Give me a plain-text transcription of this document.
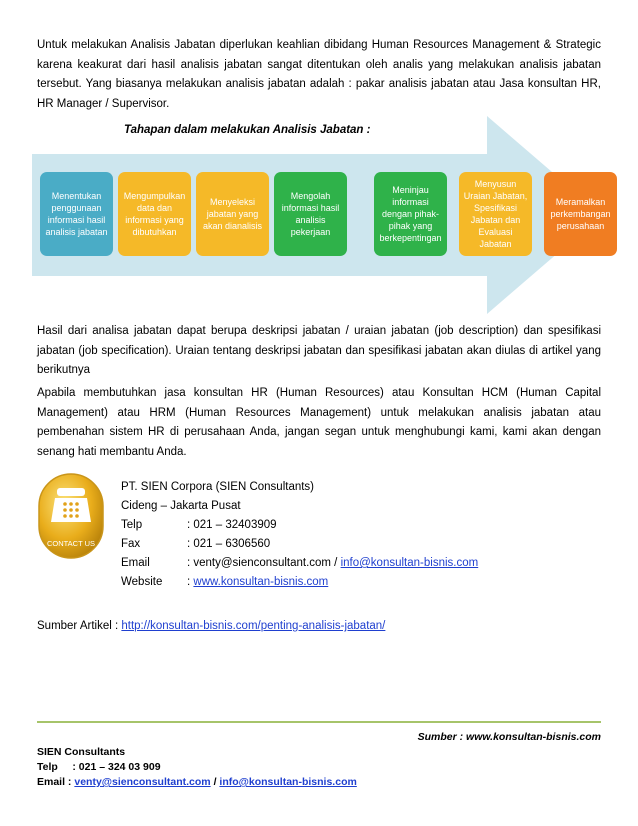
Untuk melakukan Analisis Jabatan diperlukan keahlian dibidang Human Resources Management & Strategic karena keakurat dari hasil analisis jabatan sangat ditentukan oleh analis yang melakukan analisis jabatan tersebut. Yang biasanya melakukan analisis jabatan adalah : pakar analisis jabatan atau Jasa konsultan HR, HR Manager / Supervisor.

Tahapan dalam melakukan Analisis Jabatan :
Menentukan penggunaan informasi hasil analisis jabatan
Mengumpulkan data dan informasi yang dibutuhkan
Menyeleksi jabatan yang akan dianalisis
Mengolah informasi hasil analisis pekerjaan
Meninjau informasi dengan pihak-pihak yang berkepentingan
Menyusun Uraian Jabatan, Spesifikasi Jabatan dan Evaluasi Jabatan
Meramalkan perkembangan perusahaan

Hasil dari analisa jabatan dapat berupa deskripsi jabatan / uraian jabatan (job description) dan spesifikasi jabatan (job specification). Uraian tentang deskripsi jabatan dan spesifikasi jabatan akan diulas di artikel yang berikutnya

Apabila membutuhkan jasa konsultan HR (Human Resources) atau Konsultan HCM (Human Capital Management) atau HRM (Human Resources Management) untuk melakukan analisis jabatan atau pembenahan sistem HR di perusahaan Anda, jangan segan untuk menghubungi kami, kami akan dengan senang hati membantu Anda.

CONTACT US
PT. SIEN Corpora (SIEN Consultants)
Cideng – Jakarta Pusat
Telp	: 021 – 32403909
Fax	: 021 – 6306560
Email	: venty@sienconsultant.com / info@konsultan-bisnis.com
Website : www.konsultan-bisnis.com
Sumber Artikel : http://konsultan-bisnis.com/penting-analisis-jabatan/
Sumber : www.konsultan-bisnis.com
SIEN Consultants
Telp     : 021 – 324 03 909
Email : venty@sienconsultant.com / info@konsultan-bisnis.com
